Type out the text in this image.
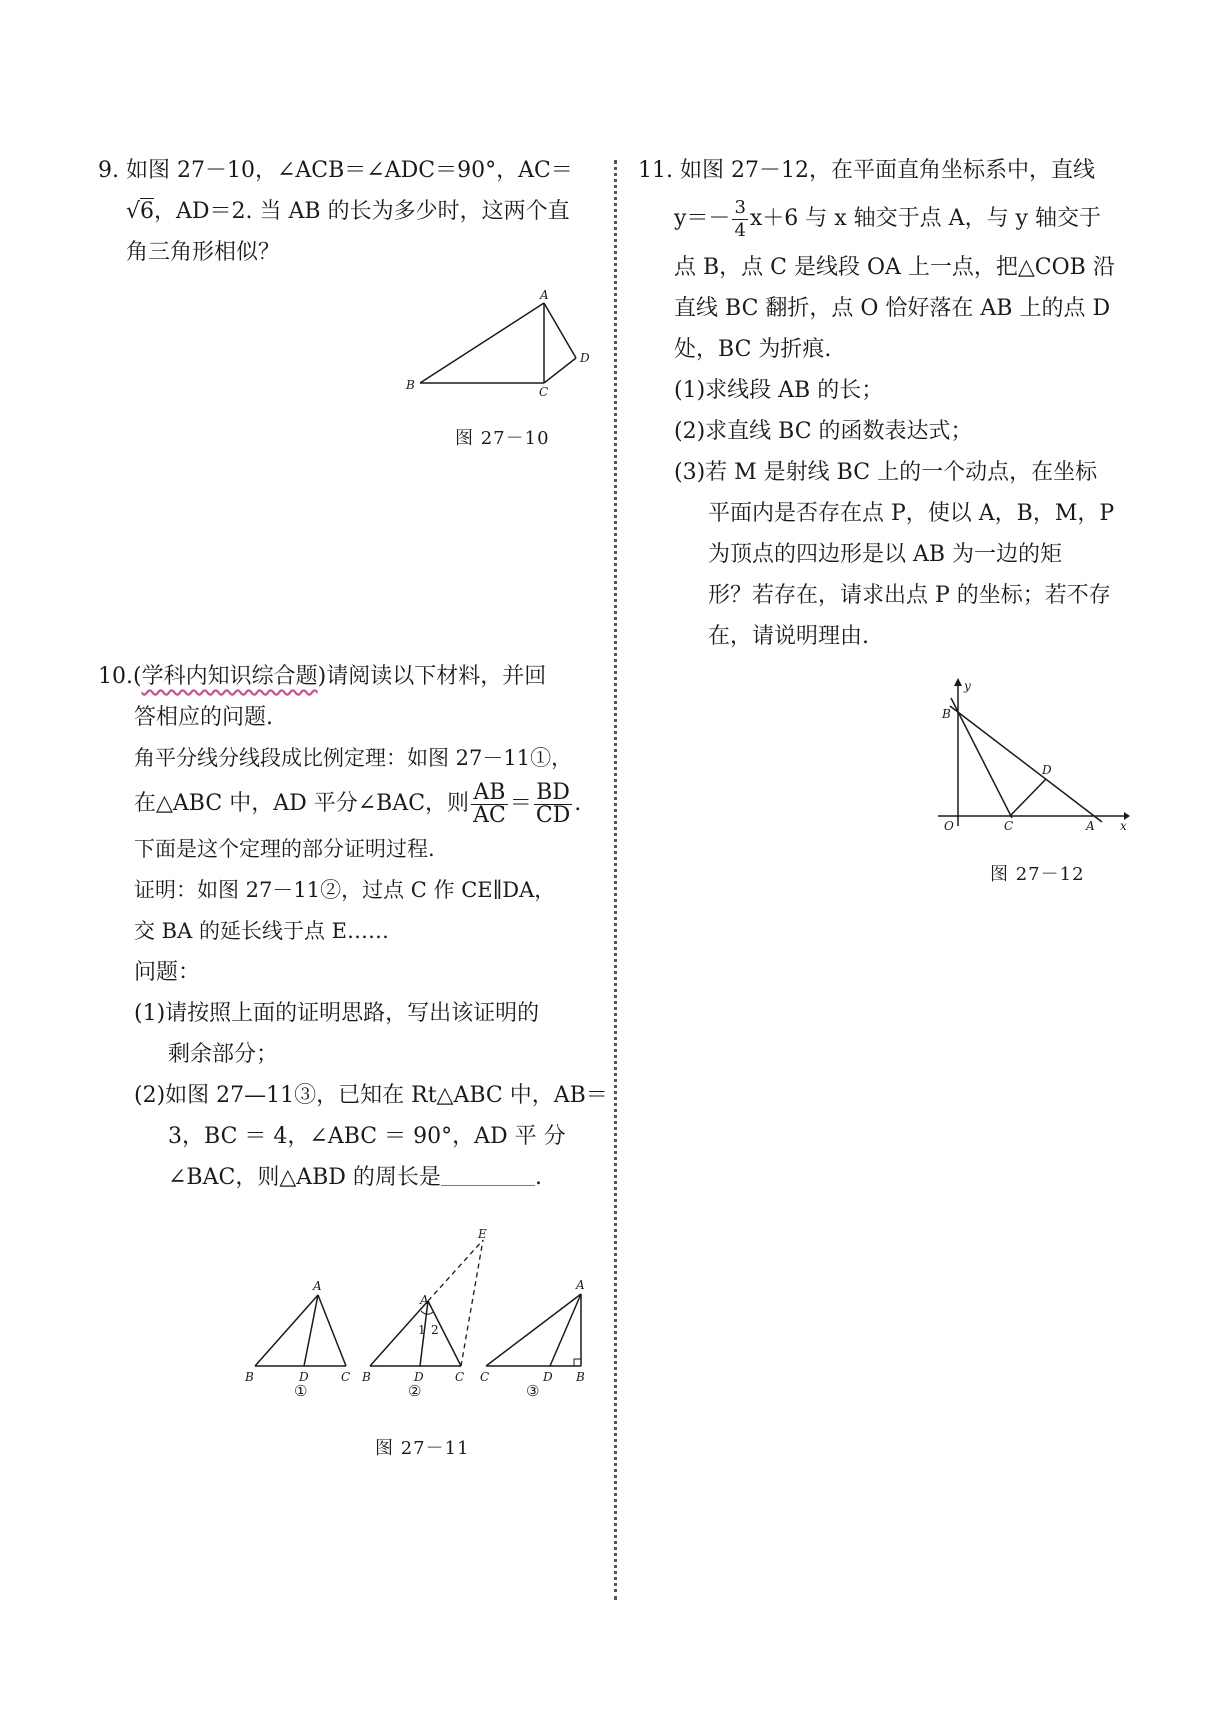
9. 如图 27－10，∠ACB＝∠ADC＝90°，AC＝

√6，AD＝2. 当 AB 的长为多少时，这两个直

角三角形相似？

A
B	C
D
图 27－10

10.(学科内知识综合题)请阅读以下材料，并回

答相应的问题.

角平分线分线段成比例定理：如图 27－11①，

在△ABC 中，AD 平分∠BAC，则 $\frac{AB}{AC} = \frac{BD}{CD}$ .

下面是这个定理的部分证明过程.

证明：如图 27－11②，过点 C 作 CE∥DA，

交 BA 的延长线于点 E……

问题：

(1)请按照上面的证明思路，写出该证明的

剩余部分；

(2)如图 27—11③，已知在 Rt△ABC 中，AB＝

3，BC ＝ 4，∠ABC ＝ 90°，AD 平 分

∠BAC，则△ABD 的周长是	.

A
B	D	C
①
A
E
1 2
B	D	C
②
A
C	D B
③
图 27－11

11. 如图 27－12，在平面直角坐标系中，直线

$y=- \frac{3}{4} x+6$ 与 x 轴交于点 A，与 y 轴交于

点 B，点 C 是线段 OA 上一点，把△COB 沿

直线 BC 翻折，点 O 恰好落在 AB 上的点 D

处，BC 为折痕.

(1)求线段 AB 的长；

(2)求直线 BC 的函数表达式；

(3)若 M 是射线 BC 上的一个动点，在坐标

平面内是否存在点 P，使以 A，B，M，P

为顶点的四边形是以 AB 为一边的矩

形？若存在，请求出点 P 的坐标；若不存

在，请说明理由.

y
B
D
O	C	A x
图 27－12
